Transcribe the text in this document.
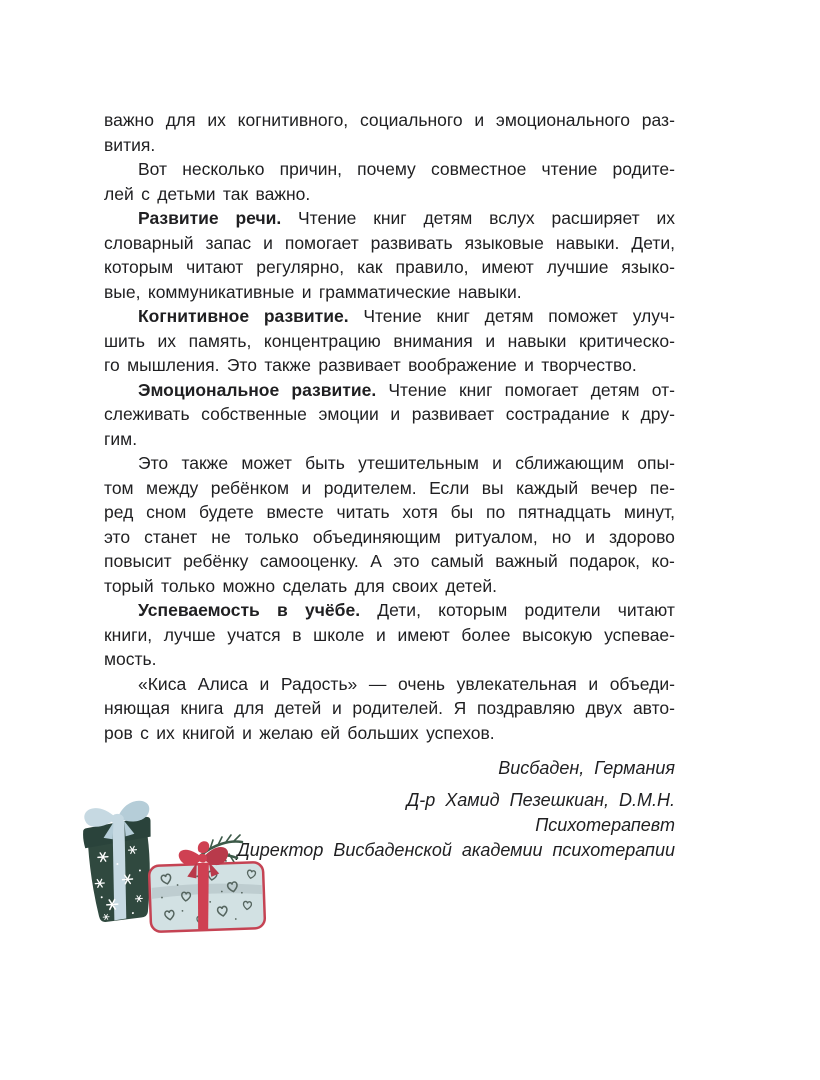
важно для их когнитивного, социального и эмоционального раз-
вития.
Вот несколько причин, почему совместное чтение родите-
лей с детьми так важно.
Развитие речи. Чтение книг детям вслух расширяет их
словарный запас и помогает развивать языковые навыки. Дети,
которым читают регулярно, как правило, имеют лучшие языко-
вые, коммуникативные и грамматические навыки.
Когнитивное развитие. Чтение книг детям поможет улуч-
шить их память, концентрацию внимания и навыки критическо-
го мышления. Это также развивает воображение и творчество.
Эмоциональное развитие. Чтение книг помогает детям от-
слеживать собственные эмоции и развивает сострадание к дру-
гим.
Это также может быть утешительным и сближающим опы-
том между ребёнком и родителем. Если вы каждый вечер пе-
ред сном будете вместе читать хотя бы по пятнадцать минут,
это станет не только объединяющим ритуалом, но и здорово
повысит ребёнку самооценку. А это самый важный подарок, ко-
торый только можно сделать для своих детей.
Успеваемость в учёбе. Дети, которым родители читают
книги, лучше учатся в школе и имеют более высокую успевае-
мость.
«Киса Алиса и Радость» — очень увлекательная и объеди-
няющая книга для детей и родителей. Я поздравляю двух авто-
ров с их книгой и желаю ей больших успехов.
Висбаден, Германия
Д-р Хамид Пезешкиан, D.M.H.
Психотерапевт
Директор Висбаденской академии психотерапии
